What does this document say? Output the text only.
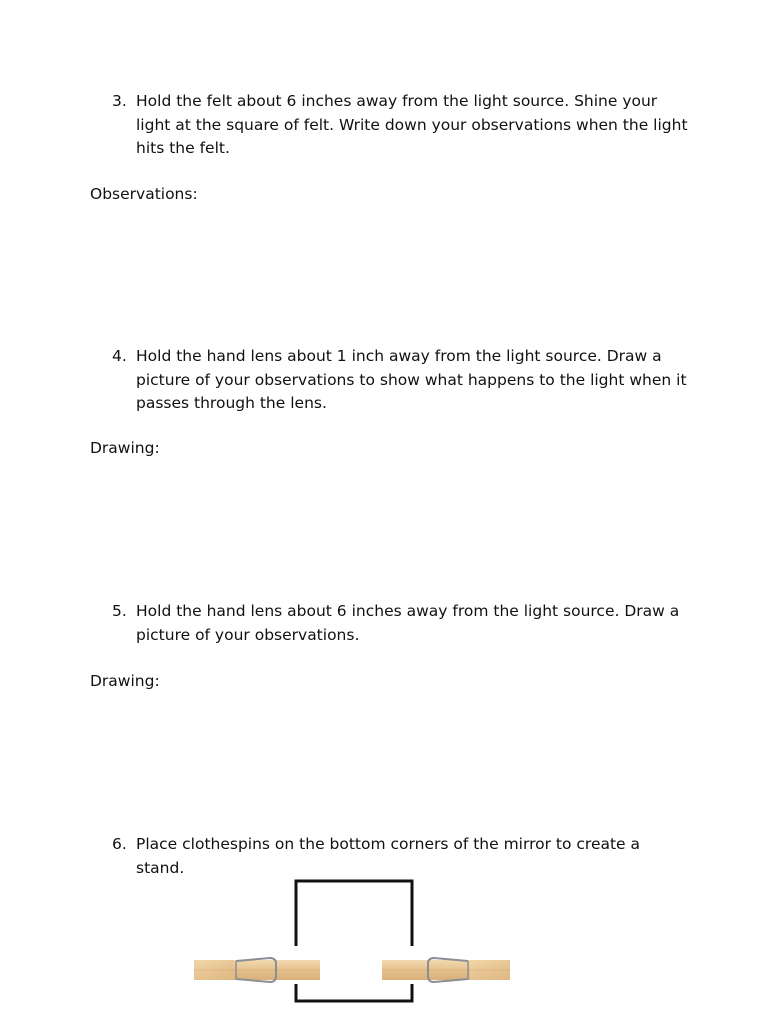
3. Hold the felt about 6 inches away from the light source. Shine your light at the square of felt. Write down your observations when the light hits the felt.
Observations:
4. Hold the hand lens about 1 inch away from the light source. Draw a picture of your observations to show what happens to the light when it passes through the lens.
Drawing:
5. Hold the hand lens about 6 inches away from the light source. Draw a picture of your observations.
Drawing:
6. Place clothespins on the bottom corners of the mirror to create a stand.
